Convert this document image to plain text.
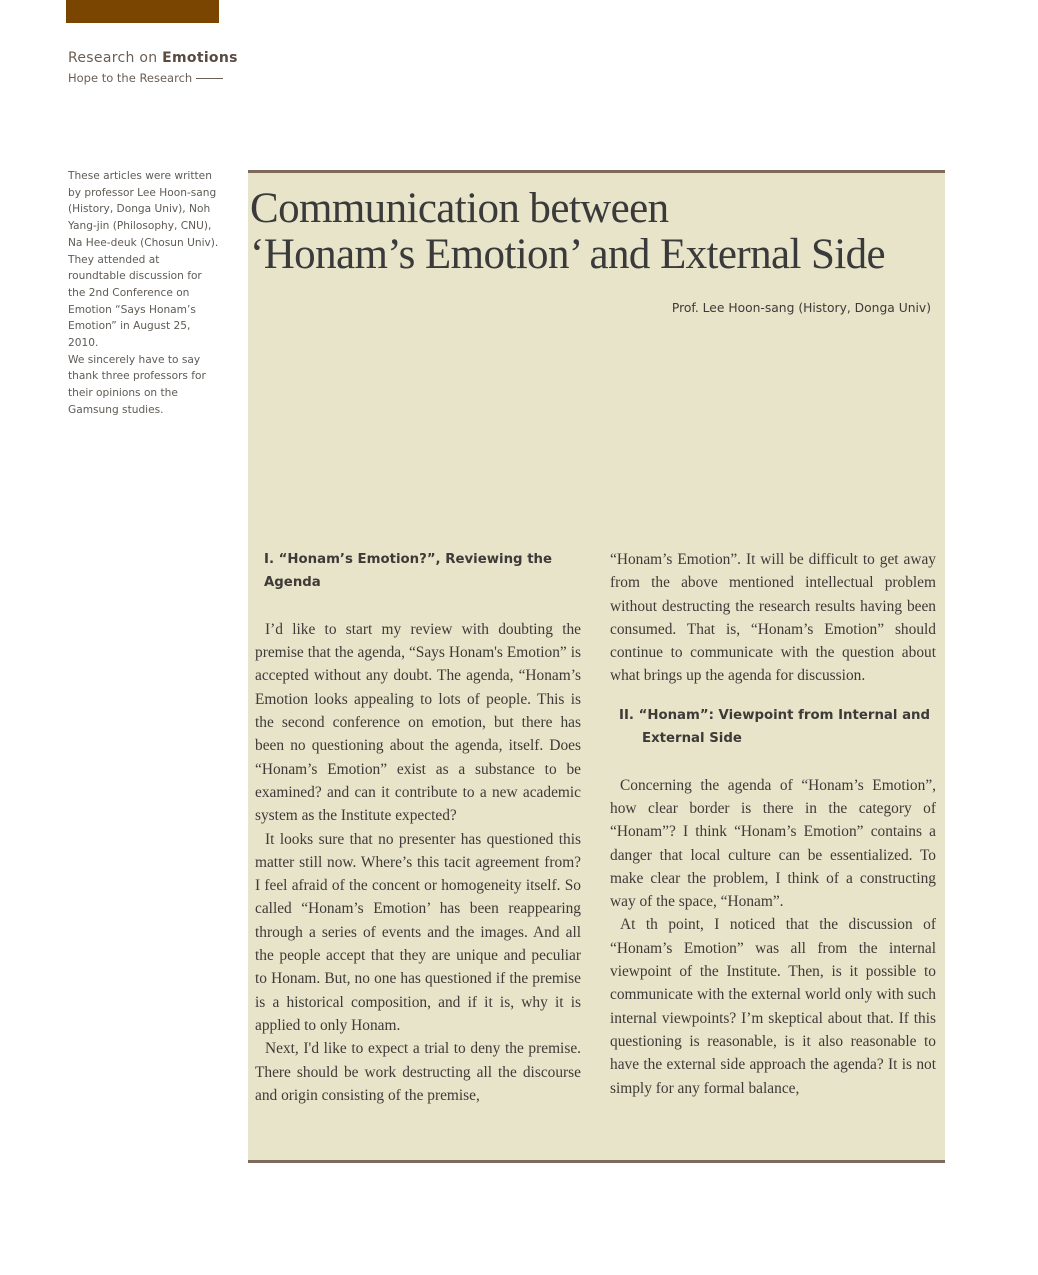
Research on Emotions
Hope to the Research

These articles were written by professor Lee Hoon-sang (History, Donga Univ), Noh Yang-jin (Philosophy, CNU), Na Hee-deuk (Chosun Univ). They attended at roundtable discussion for the 2nd Conference on Emotion “Says Honam’s Emotion” in August 25, 2010.

We sincerely have to say thank three professors for their opinions on the Gamsung studies.

Communication between
‘Honam’s Emotion’ and External Side
Prof. Lee Hoon-sang (History, Donga Univ)
I. “Honam’s Emotion?”, Reviewing the Agenda

I’d like to start my review with doubting the premise that the agenda, “Says Honam's Emotion” is accepted without any doubt. The agenda, “Honam’s Emotion looks appealing to lots of people. This is the second conference on emotion, but there has been no questioning about the agenda, itself. Does “Honam’s Emotion” exist as a substance to be examined? and can it contribute to a new academic system as the Institute expected?

It looks sure that no presenter has questioned this matter still now. Where’s this tacit agreement from? I feel afraid of the concent or homogeneity itself. So called “Honam’s Emotion’ has been reappearing through a series of events and the images. And all the people accept that they are unique and peculiar to Honam. But, no one has questioned if the premise is a historical composition, and if it is, why it is applied to only Honam.

Next, I'd like to expect a trial to deny the premise. There should be work destructing all the discourse and origin consisting of the premise,

“Honam’s Emotion”. It will be difficult to get away from the above mentioned intellectual problem without destructing the research results having been consumed. That is, “Honam’s Emotion” should continue to communicate with the question about what brings up the agenda for discussion.

II. “Honam”: Viewpoint from Internal and
External Side

Concerning the agenda of “Honam’s Emotion”, how clear border is there in the category of “Honam”? I think “Honam’s Emotion” contains a danger that local culture can be essentialized. To make clear the problem, I think of a constructing way of the space, “Honam”.

At th point, I noticed that the discussion of “Honam’s Emotion” was all from the internal viewpoint of the Institute. Then, is it possible to communicate with the external world only with such internal viewpoints? I’m skeptical about that. If this questioning is reasonable, is it also reasonable to have the external side approach the agenda? It is not simply for any formal balance,
